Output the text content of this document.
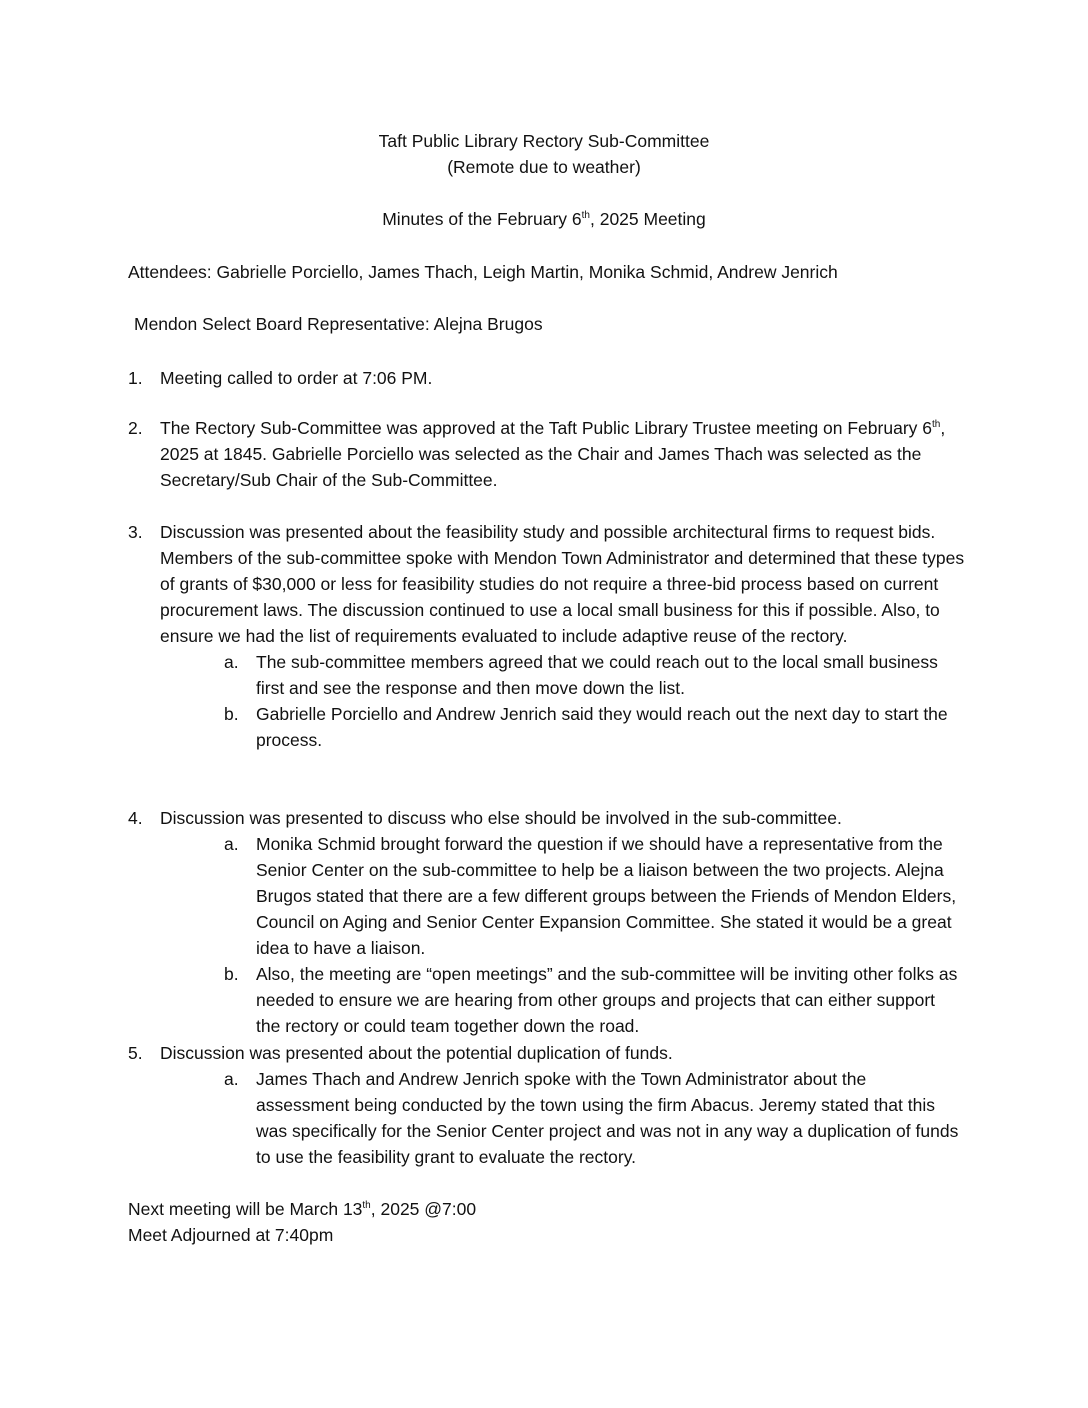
Taft Public Library Rectory Sub-Committee
(Remote due to weather)
Minutes of the February 6th, 2025 Meeting
Attendees: Gabrielle Porciello, James Thach, Leigh Martin, Monika Schmid, Andrew Jenrich
Mendon Select Board Representative: Alejna Brugos
1. Meeting called to order at 7:06 PM.
2. The Rectory Sub-Committee was approved at the Taft Public Library Trustee meeting on February 6th, 2025 at 1845. Gabrielle Porciello was selected as the Chair and James Thach was selected as the Secretary/Sub Chair of the Sub-Committee.
3. Discussion was presented about the feasibility study and possible architectural firms to request bids. Members of the sub-committee spoke with Mendon Town Administrator and determined that these types of grants of $30,000 or less for feasibility studies do not require a three-bid process based on current procurement laws. The discussion continued to use a local small business for this if possible. Also, to ensure we had the list of requirements evaluated to include adaptive reuse of the rectory.
a. The sub-committee members agreed that we could reach out to the local small business first and see the response and then move down the list.
b. Gabrielle Porciello and Andrew Jenrich said they would reach out the next day to start the process.
4. Discussion was presented to discuss who else should be involved in the sub-committee.
a. Monika Schmid brought forward the question if we should have a representative from the Senior Center on the sub-committee to help be a liaison between the two projects. Alejna Brugos stated that there are a few different groups between the Friends of Mendon Elders, Council on Aging and Senior Center Expansion Committee. She stated it would be a great idea to have a liaison.
b. Also, the meeting are “open meetings” and the sub-committee will be inviting other folks as needed to ensure we are hearing from other groups and projects that can either support the rectory or could team together down the road.
5. Discussion was presented about the potential duplication of funds.
a. James Thach and Andrew Jenrich spoke with the Town Administrator about the assessment being conducted by the town using the firm Abacus. Jeremy stated that this was specifically for the Senior Center project and was not in any way a duplication of funds to use the feasibility grant to evaluate the rectory.
Next meeting will be March 13th, 2025 @7:00
Meet Adjourned at 7:40pm
